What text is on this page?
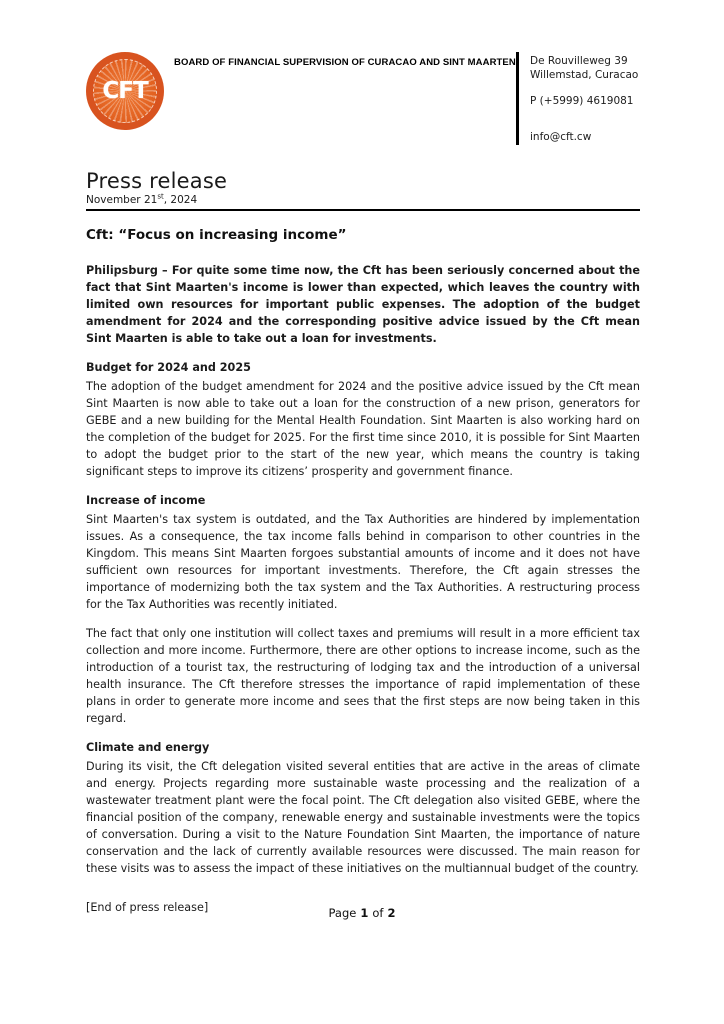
CFT
BOARD OF FINANCIAL SUPERVISION OF CURACAO AND SINT MAARTEN De Rouvilleweg 39
Willemstad, Curacao
P (+5999) 4619081
info@cft.cw
Press release
November 21st, 2024
Cft: “Focus on increasing income”

Philipsburg – For quite some time now, the Cft has been seriously concerned about the fact that Sint Maarten's income is lower than expected, which leaves the country with limited own resources for important public expenses. The adoption of the budget amendment for 2024 and the corresponding positive advice issued by the Cft mean Sint Maarten is able to take out a loan for investments.

Budget for 2024 and 2025

The adoption of the budget amendment for 2024 and the positive advice issued by the Cft mean Sint Maarten is now able to take out a loan for the construction of a new prison, generators for GEBE and a new building for the Mental Health Foundation. Sint Maarten is also working hard on the completion of the budget for 2025. For the first time since 2010, it is possible for Sint Maarten to adopt the budget prior to the start of the new year, which means the country is taking significant steps to improve its citizens’ prosperity and government finance.

Increase of income

Sint Maarten's tax system is outdated, and the Tax Authorities are hindered by implementation issues. As a consequence, the tax income falls behind in comparison to other countries in the Kingdom. This means Sint Maarten forgoes substantial amounts of income and it does not have sufficient own resources for important investments. Therefore, the Cft again stresses the importance of modernizing both the tax system and the Tax Authorities. A restructuring process for the Tax Authorities was recently initiated.

The fact that only one institution will collect taxes and premiums will result in a more efficient tax collection and more income. Furthermore, there are other options to increase income, such as the introduction of a tourist tax, the restructuring of lodging tax and the introduction of a universal health insurance. The Cft therefore stresses the importance of rapid implementation of these plans in order to generate more income and sees that the first steps are now being taken in this regard.

Climate and energy

During its visit, the Cft delegation visited several entities that are active in the areas of climate and energy. Projects regarding more sustainable waste processing and the realization of a wastewater treatment plant were the focal point. The Cft delegation also visited GEBE, where the financial position of the company, renewable energy and sustainable investments were the topics of conversation. During a visit to the Nature Foundation Sint Maarten, the importance of nature conservation and the lack of currently available resources were discussed. The main reason for these visits was to assess the impact of these initiatives on the multiannual budget of the country.

[End of press release]	Page 1 of 2
